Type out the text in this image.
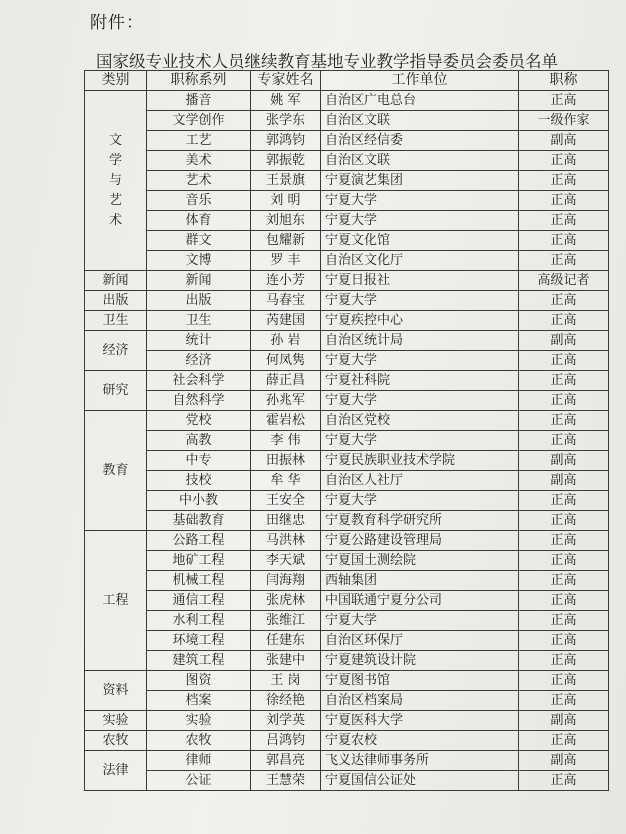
附件：
国家级专业技术人员继续教育基地专业教学指导委员会委员名单
类别	职称系列	专家姓名	工作单位	职称
文学与艺术	播音	姚 军	自治区广电总台	正高
	文学创作	张学东	自治区文联	一级作家
	工艺	郭鸿钧	自治区经信委	副高
	美术	郭振乾	自治区文联	正高
	艺术	王景旗	宁夏演艺集团	正高
	音乐	刘 明	宁夏大学	正高
	体育	刘旭东	宁夏大学	正高
	群文	包耀新	宁夏文化馆	正高
	文博	罗 丰	自治区文化厅	正高
新闻	新闻	连小芳	宁夏日报社	高级记者
出版	出版	马春宝	宁夏大学	正高
卫生	卫生	芮建国	宁夏疾控中心	正高
经济	统计	孙 岩	自治区统计局	副高
	经济	何凤隽	宁夏大学	正高
研究	社会科学	薛正昌	宁夏社科院	正高
	自然科学	孙兆军	宁夏大学	正高
教育	党校	霍岩松	自治区党校	正高
	高教	李 伟	宁夏大学	正高
	中专	田振林	宁夏民族职业技术学院	副高
	技校	牟 华	自治区人社厅	副高
	中小教	王安全	宁夏大学	正高
	基础教育	田继忠	宁夏教育科学研究所	正高
工程	公路工程	马洪林	宁夏公路建设管理局	正高
	地矿工程	李天斌	宁夏国土测绘院	正高
	机械工程	闫海翔	西轴集团	正高
	通信工程	张虎林	中国联通宁夏分公司	正高
	水利工程	张维江	宁夏大学	正高
	环境工程	任建东	自治区环保厅	正高
	建筑工程	张建中	宁夏建筑设计院	正高
资料	图资	王 岗	宁夏图书馆	正高
	档案	徐经艳	自治区档案局	正高
实验	实验	刘学英	宁夏医科大学	副高
农牧	农牧	吕鸿钧	宁夏农校	正高
法律	律师	郭昌亮	飞义达律师事务所	副高
	公证	王慧荣	宁夏国信公证处	正高
